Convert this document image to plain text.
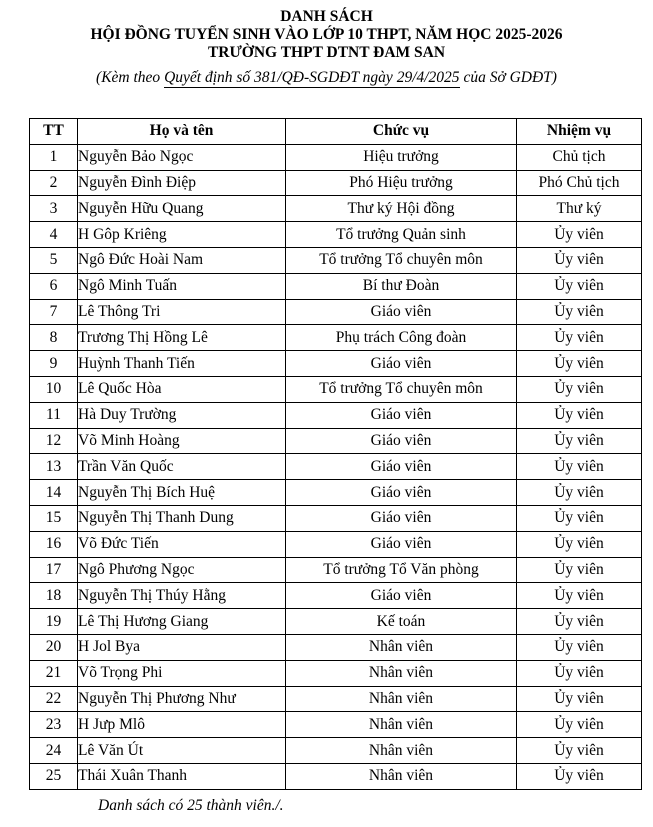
DANH SÁCH
HỘI ĐỒNG TUYỂN SINH VÀO LỚP 10 THPT, NĂM HỌC 2025-2026
TRƯỜNG THPT DTNT ĐAM SAN
(Kèm theo Quyết định số 381/QĐ-SGDĐT ngày 29/4/2025 của Sở GDĐT)
TT	Họ và tên	Chức vụ	Nhiệm vụ
1	Nguyễn Bảo Ngọc	Hiệu trưởng	Chủ tịch
2	Nguyễn Đình Điệp	Phó Hiệu trưởng	Phó Chủ tịch
3	Nguyễn Hữu Quang	Thư ký Hội đồng	Thư ký
4	H Gôp Kriêng	Tổ trưởng Quản sinh	Ủy viên
5	Ngô Đức Hoài Nam	Tổ trưởng Tổ chuyên môn	Ủy viên
6	Ngô Minh Tuấn	Bí thư Đoàn	Ủy viên
7	Lê Thông Tri	Giáo viên	Ủy viên
8	Trương Thị Hồng Lê	Phụ trách Công đoàn	Ủy viên
9	Huỳnh Thanh Tiến	Giáo viên	Ủy viên
10	Lê Quốc Hòa	Tổ trưởng Tổ chuyên môn	Ủy viên
11	Hà Duy Trường	Giáo viên	Ủy viên
12	Võ Minh Hoàng	Giáo viên	Ủy viên
13	Trần Văn Quốc	Giáo viên	Ủy viên
14	Nguyễn Thị Bích Huệ	Giáo viên	Ủy viên
15	Nguyễn Thị Thanh Dung	Giáo viên	Ủy viên
16	Võ Đức Tiến	Giáo viên	Ủy viên
17	Ngô Phương Ngọc	Tổ trưởng Tổ Văn phòng	Ủy viên
18	Nguyễn Thị Thúy Hằng	Giáo viên	Ủy viên
19	Lê Thị Hương Giang	Kế toán	Ủy viên
20	H Jol Bya	Nhân viên	Ủy viên
21	Võ Trọng Phi	Nhân viên	Ủy viên
22	Nguyễn Thị Phương Như	Nhân viên	Ủy viên
23	H Jưp Mlô	Nhân viên	Ủy viên
24	Lê Văn Út	Nhân viên	Ủy viên
25	Thái Xuân Thanh	Nhân viên	Ủy viên
Danh sách có 25 thành viên./.
